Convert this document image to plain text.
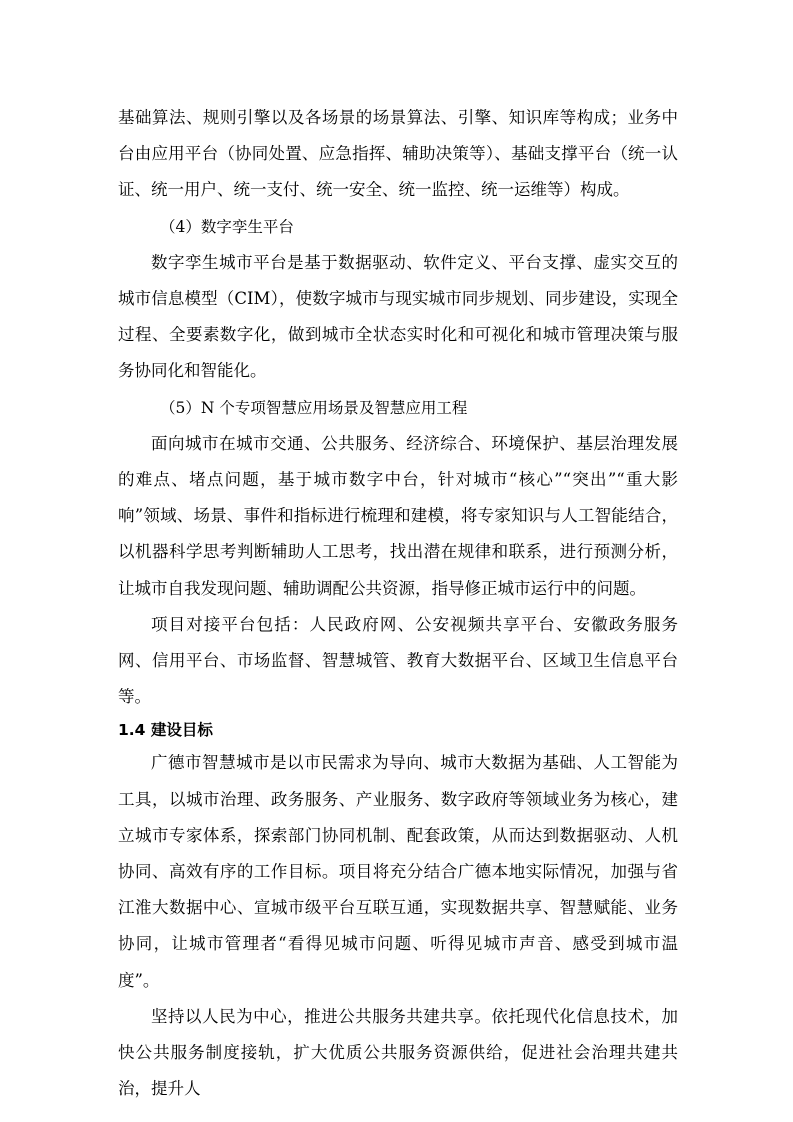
基础算法、规则引擎以及各场景的场景算法、引擎、知识库等构成；业务中台由应用平台（协同处置、应急指挥、辅助决策等）、基础支撑平台（统一认证、统一用户、统一支付、统一安全、统一监控、统一运维等）构成。

（4）数字孪生平台

数字孪生城市平台是基于数据驱动、软件定义、平台支撑、虚实交互的城市信息模型（CIM），使数字城市与现实城市同步规划、同步建设，实现全过程、全要素数字化，做到城市全状态实时化和可视化和城市管理决策与服务协同化和智能化。

（5）N 个专项智慧应用场景及智慧应用工程

面向城市在城市交通、公共服务、经济综合、环境保护、基层治理发展的难点、堵点问题，基于城市数字中台，针对城市“核心”“突出”“重大影响”领域、场景、事件和指标进行梳理和建模，将专家知识与人工智能结合，以机器科学思考判断辅助人工思考，找出潜在规律和联系，进行预测分析，让城市自我发现问题、辅助调配公共资源，指导修正城市运行中的问题。

项目对接平台包括：人民政府网、公安视频共享平台、安徽政务服务网、信用平台、市场监督、智慧城管、教育大数据平台、区域卫生信息平台等。

1.4 建设目标

广德市智慧城市是以市民需求为导向、城市大数据为基础、人工智能为工具，以城市治理、政务服务、产业服务、数字政府等领域业务为核心，建立城市专家体系，探索部门协同机制、配套政策，从而达到数据驱动、人机协同、高效有序的工作目标。项目将充分结合广德本地实际情况，加强与省江淮大数据中心、宣城市级平台互联互通，实现数据共享、智慧赋能、业务协同，让城市管理者“看得见城市问题、听得见城市声音、感受到城市温度”。

坚持以人民为中心，推进公共服务共建共享。依托现代化信息技术，加快公共服务制度接轨，扩大优质公共服务资源供给，促进社会治理共建共治，提升人
